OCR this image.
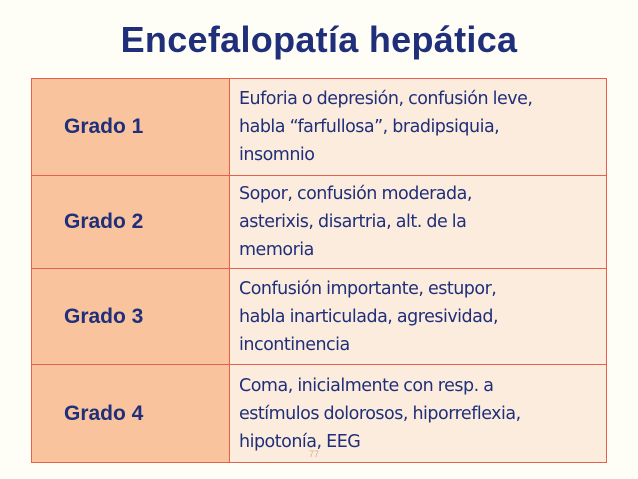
Encefalopatía hepática
Grado 1	Euforia o depresión, confusión leve,
habla “farfullosa”, bradipsiquia,
insomnio

Grado 2	Sopor, confusión moderada,
asterixis, disartria, alt. de la
memoria

Grado 3	Confusión importante, estupor,
habla inarticulada, agresividad,
incontinencia

Grado 4	Coma, inicialmente con resp. a
estímulos dolorosos, hiporreflexia,
hipotonía, EEG
77
